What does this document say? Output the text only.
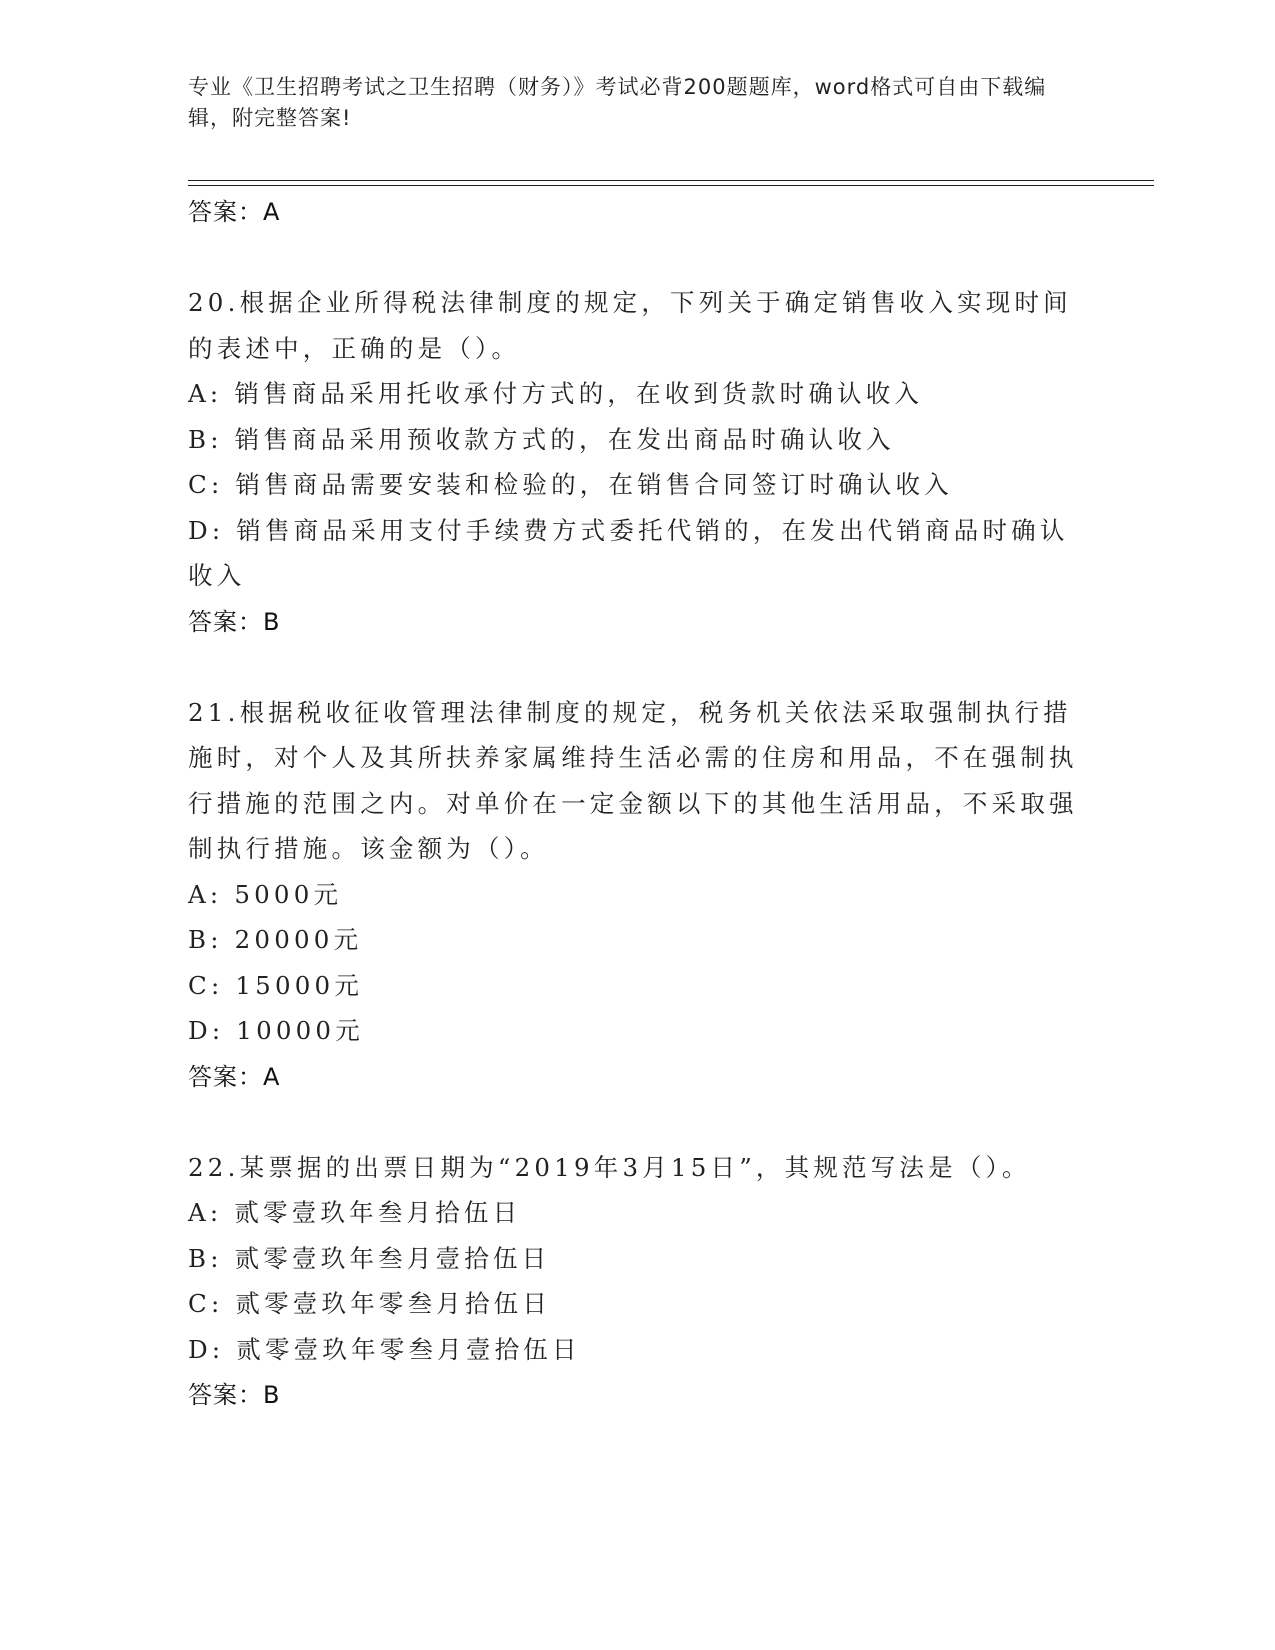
专业《卫生招聘考试之卫生招聘（财务）》考试必背200题题库，word格式可自由下载编辑，附完整答案!
答案：A
20.根据企业所得税法律制度的规定，下列关于确定销售收入实现时间的表述中，正确的是（）。
A: 销售商品采用托收承付方式的，在收到货款时确认收入
B: 销售商品采用预收款方式的，在发出商品时确认收入
C: 销售商品需要安装和检验的，在销售合同签订时确认收入
D: 销售商品采用支付手续费方式委托代销的，在发出代销商品时确认收入
答案：B
21.根据税收征收管理法律制度的规定，税务机关依法采取强制执行措施时，对个人及其所扶养家属维持生活必需的住房和用品，不在强制执行措施的范围之内。对单价在一定金额以下的其他生活用品，不采取强制执行措施。该金额为（）。
A: 5000元
B: 20000元
C: 15000元
D: 10000元
答案：A
22.某票据的出票日期为“2019年3月15日”，其规范写法是（）。
A: 贰零壹玖年叁月拾伍日
B: 贰零壹玖年叁月壹拾伍日
C: 贰零壹玖年零叁月拾伍日
D: 贰零壹玖年零叁月壹拾伍日
答案：B
